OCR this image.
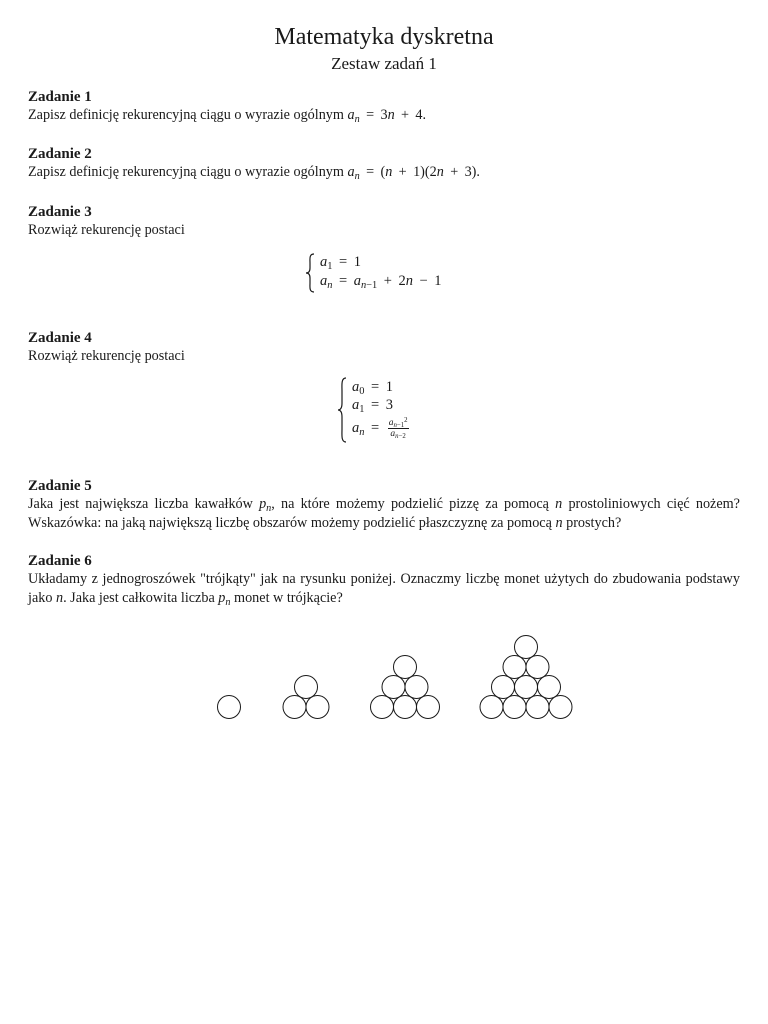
Matematyka dyskretna
Zestaw zadań 1
Zadanie 1

Zapisz definicję rekurencyjną ciągu o wyrazie ogólnym $a_n = 3n + 4$.

Zadanie 2

Zapisz definicję rekurencyjną ciągu o wyrazie ogólnym $a_n = (n + 1)(2n + 3)$.

Zadanie 3

Rozwiąż rekurencję postaci

$a_1 = 1$
$a_n = a_{n-1} + 2n - 1$
Zadanie 4

Rozwiąż rekurencję postaci

$a_0 = 1$
$a_1 = 3$
$a_n = \frac{a_{n-1}^2}{a_{n-2}}$
Zadanie 5

Jaka jest największa liczba kawałków $p_n$, na które możemy podzielić pizzę za pomocą n prostoliniowych cięć nożem? Wskazówka: na jaką największą liczbę obszarów możemy podzielić płaszczyznę za pomocą n prostych?

Zadanie 6

Układamy z jednogroszówek "trójkąty" jak na rysunku poniżej. Oznaczmy liczbę monet użytych do zbudowania podstawy jako n. Jaka jest całkowita liczba $p_n$ monet w trójkącie?
